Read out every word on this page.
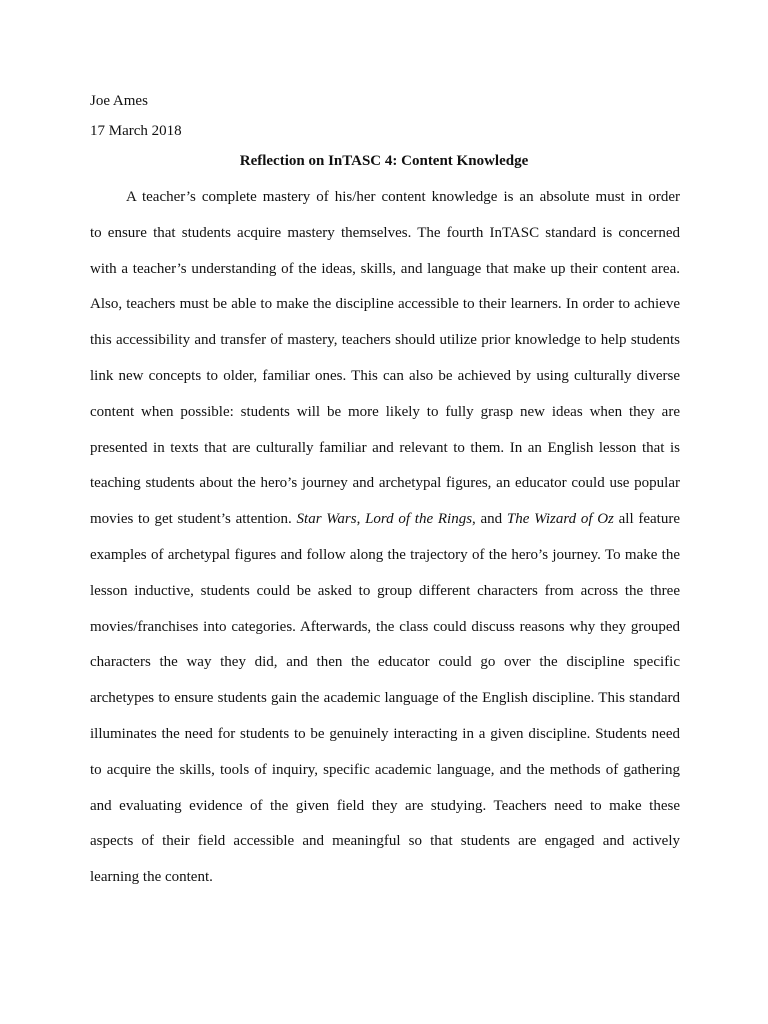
Joe Ames
17 March 2018
Reflection on InTASC 4: Content Knowledge
A teacher’s complete mastery of his/her content knowledge is an absolute must in order
to ensure that students acquire mastery themselves. The fourth InTASC standard is concerned
with a teacher’s understanding of the ideas, skills, and language that make up their content area.
Also, teachers must be able to make the discipline accessible to their learners. In order to achieve
this accessibility and transfer of mastery, teachers should utilize prior knowledge to help students
link new concepts to older, familiar ones. This can also be achieved by using culturally diverse
content when possible: students will be more likely to fully grasp new ideas when they are
presented in texts that are culturally familiar and relevant to them. In an English lesson that is
teaching students about the hero’s journey and archetypal figures, an educator could use popular
movies to get student’s attention. Star Wars, Lord of the Rings, and The Wizard of Oz all feature
examples of archetypal figures and follow along the trajectory of the hero’s journey. To make the
lesson inductive, students could be asked to group different characters from across the three
movies/franchises into categories. Afterwards, the class could discuss reasons why they grouped
characters the way they did, and then the educator could go over the discipline specific
archetypes to ensure students gain the academic language of the English discipline. This standard
illuminates the need for students to be genuinely interacting in a given discipline. Students need
to acquire the skills, tools of inquiry, specific academic language, and the methods of gathering
and evaluating evidence of the given field they are studying. Teachers need to make these
aspects of their field accessible and meaningful so that students are engaged and actively
learning the content.
